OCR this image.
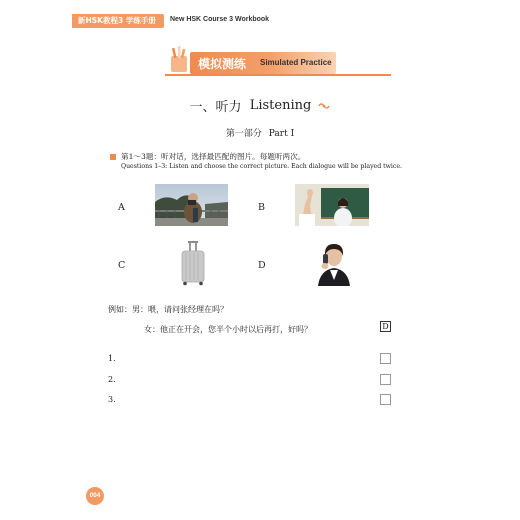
新HSK教程3 学练手册 New HSK Course 3 Workbook
模拟测练 Simulated Practice
一、听力 Listening
第一部分 Part I
第1～3题：听对话，选择最匹配的图片。每题听两次。
Questions 1–3: Listen and choose the correct picture. Each dialogue will be played twice.
A	B
C	D
例如：男：喂，请问张经理在吗？
女：他正在开会，您半个小时以后再打，好吗？	D
1.
2.
3.
004
